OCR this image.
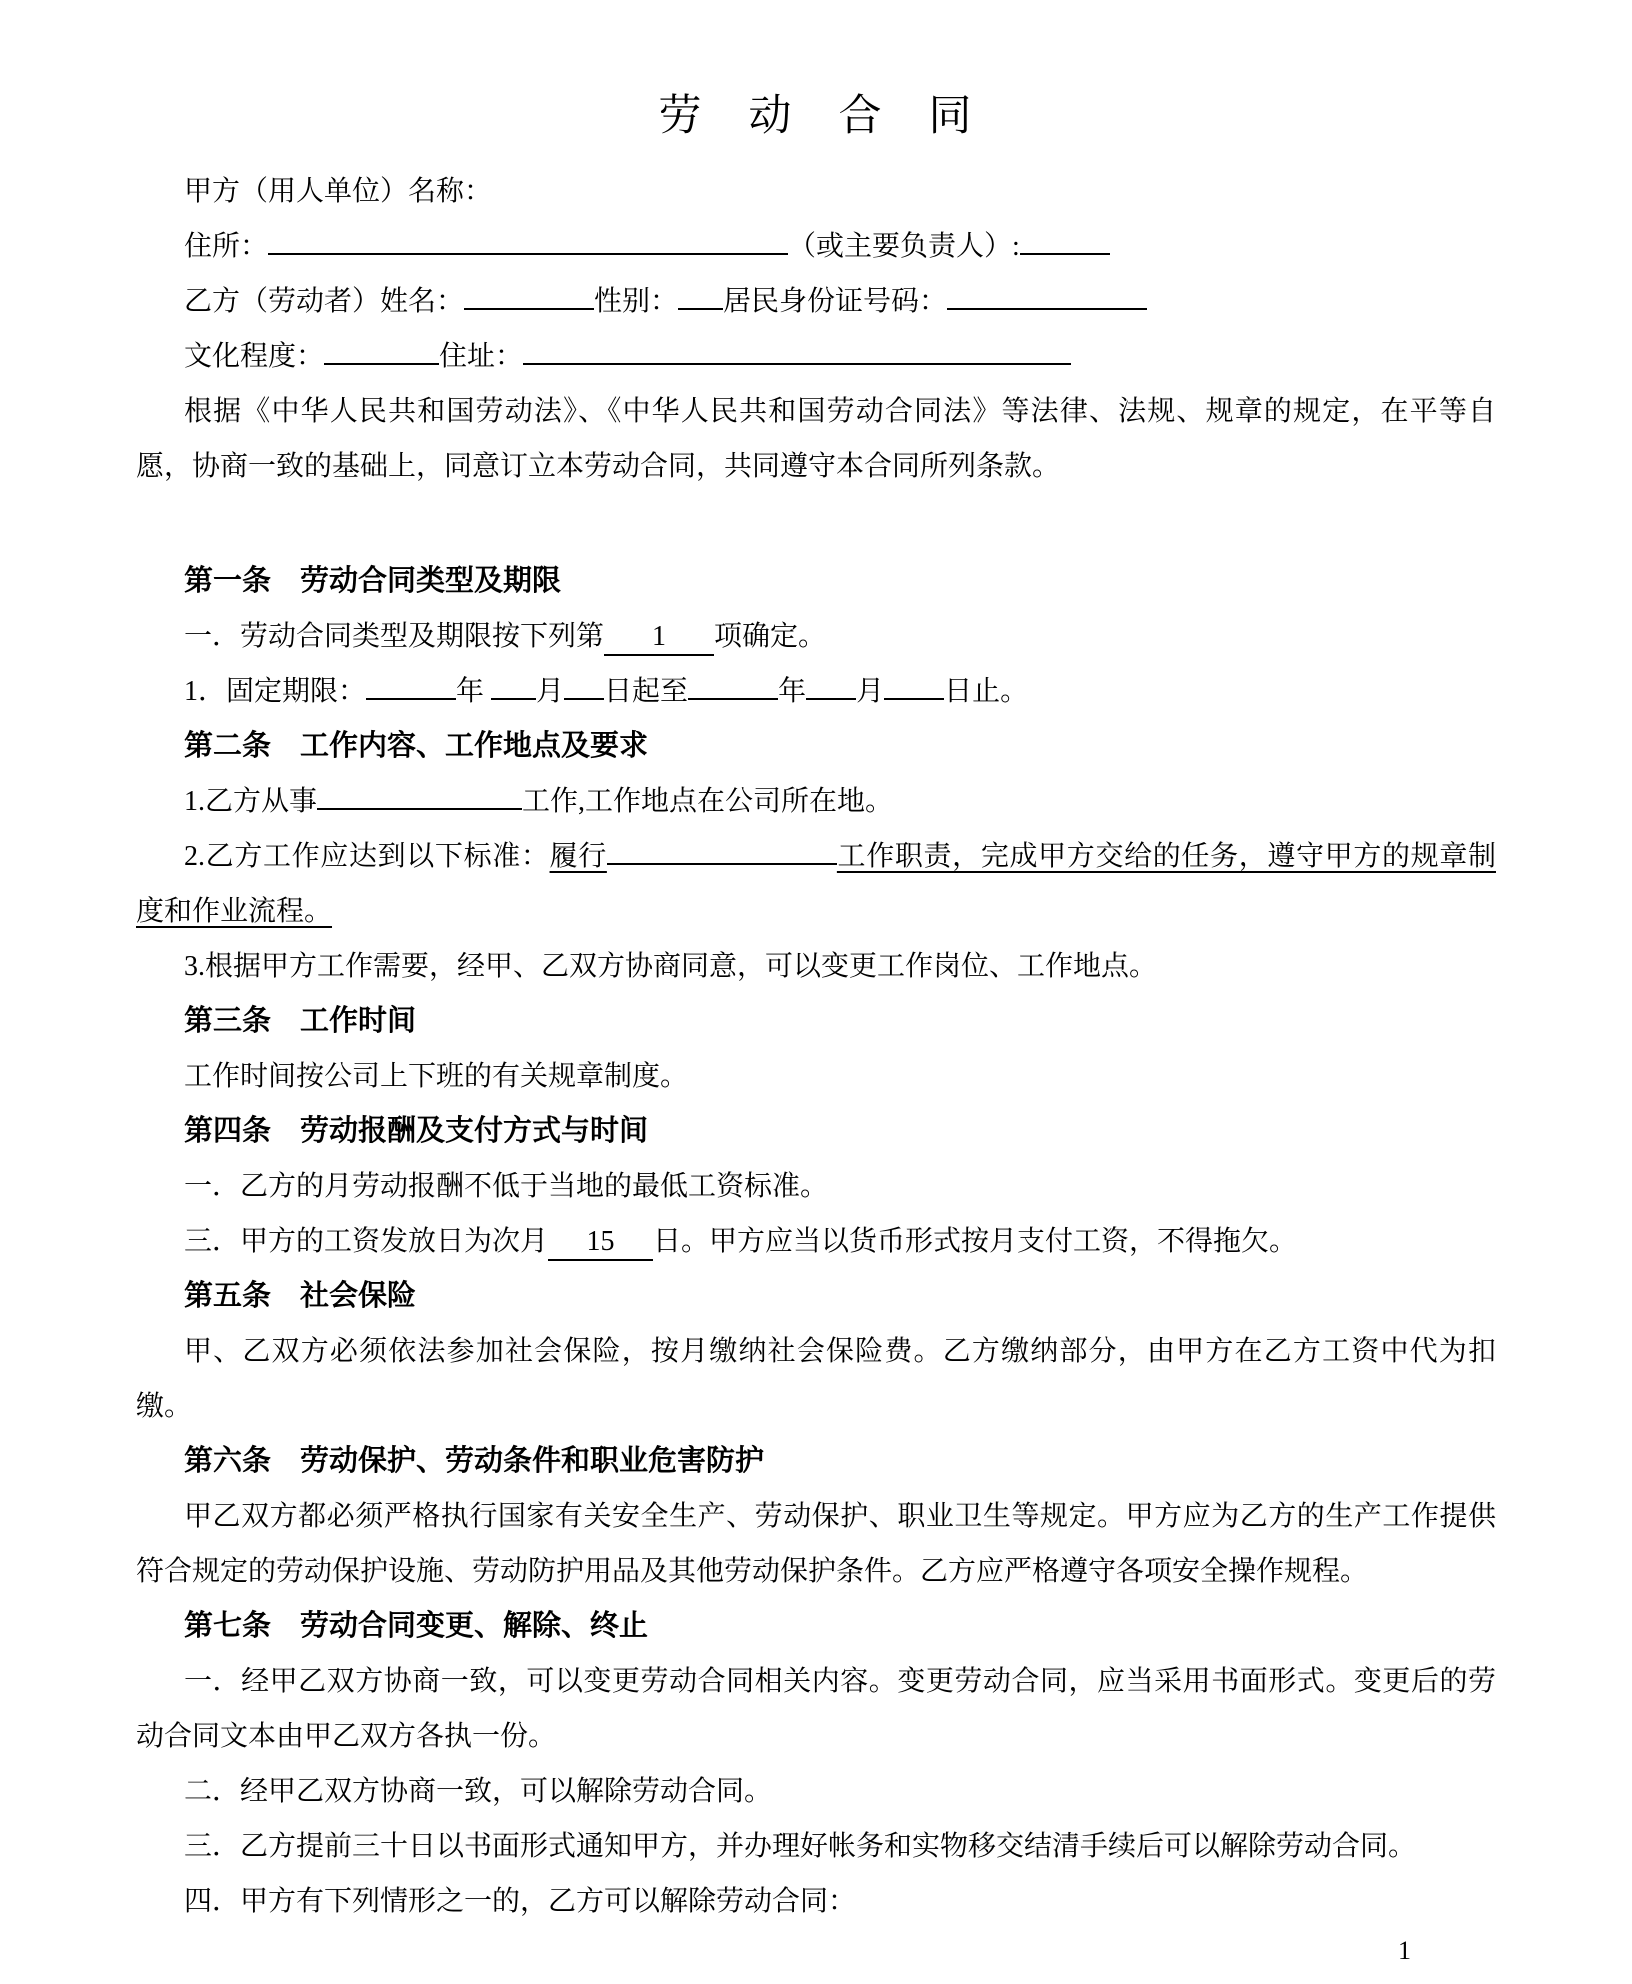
劳　动　合　同
甲方（用人单位）名称：
住所：	（或主要负责人）:
乙方（劳动者）姓名：	性别： 居民身份证号码：
文化程度：	住址：

根据《中华人民共和国劳动法》、《中华人民共和国劳动合同法》等法律、法规、规章的规定，在平等自愿，协商一致的基础上，同意订立本劳动合同，共同遵守本合同所列条款。

第一条　劳动合同类型及期限
一．劳动合同类型及期限按下列第 1 项确定。
1．固定期限：	年 月 日起至	年 月 日止。
第二条　工作内容、工作地点及要求
1.乙方从事	工作,工作地点在公司所在地。

2.乙方工作应达到以下标准：履行	工作职责，完成甲方交给的任务，遵守甲方的规章制度和作业流程。

3.根据甲方工作需要，经甲、乙双方协商同意，可以变更工作岗位、工作地点。

第三条　工作时间
工作时间按公司上下班的有关规章制度。
第四条　劳动报酬及支付方式与时间
一．乙方的月劳动报酬不低于当地的最低工资标准。
三．甲方的工资发放日为次月 15 日。甲方应当以货币形式按月支付工资，不得拖欠。
第五条　社会保险

甲、乙双方必须依法参加社会保险，按月缴纳社会保险费。乙方缴纳部分，由甲方在乙方工资中代为扣缴。

第六条　劳动保护、劳动条件和职业危害防护

甲乙双方都必须严格执行国家有关安全生产、劳动保护、职业卫生等规定。甲方应为乙方的生产工作提供符合规定的劳动保护设施、劳动防护用品及其他劳动保护条件。乙方应严格遵守各项安全操作规程。

第七条　劳动合同变更、解除、终止

一．经甲乙双方协商一致，可以变更劳动合同相关内容。变更劳动合同，应当采用书面形式。变更后的劳动合同文本由甲乙双方各执一份。

二．经甲乙双方协商一致，可以解除劳动合同。
三．乙方提前三十日以书面形式通知甲方，并办理好帐务和实物移交结清手续后可以解除劳动合同。
四．甲方有下列情形之一的，乙方可以解除劳动合同：
1
